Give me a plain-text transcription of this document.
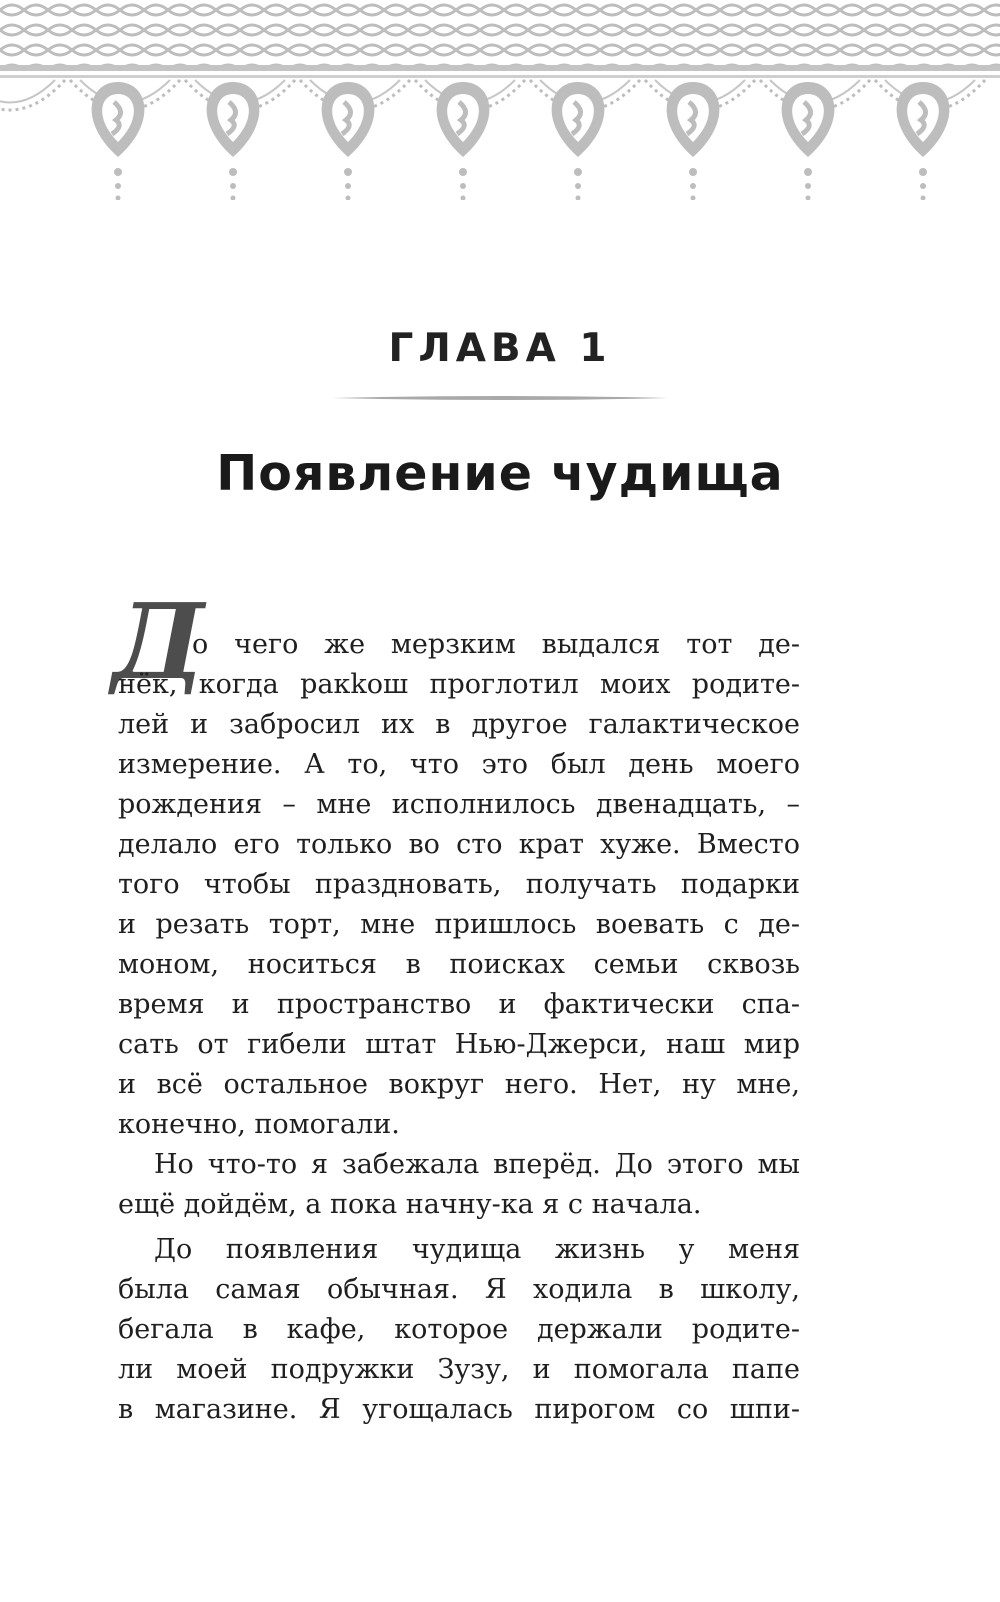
ГЛАВА 1
Появление чудища
Д
о чего же мерзким выдался тот де-
нёк, когда ракkош проглотил моих родите-
лей и забросил их в другое галактическое
измерение. А то, что это был день моего
рождения – мне исполнилось двенадцать, –
делало его только во сто крат хуже. Вместо
того чтобы праздновать, получать подарки
и резать торт, мне пришлось воевать с де-
моном, носиться в поисках семьи сквозь
время и пространство и фактически спа-
сать от гибели штат Нью-Джерси, наш мир
и всё остальное вокруг него. Нет, ну мне,
конечно, помогали.
Но что-то я забежала вперёд. До этого мы
ещё дойдём, а пока начну-ка я с начала.
До появления чудища жизнь у меня
была самая обычная. Я ходила в школу,
бегала в кафе, которое держали родите-
ли моей подружки Зузу, и помогала папе
в магазине. Я угощалась пирогом со шпи-
